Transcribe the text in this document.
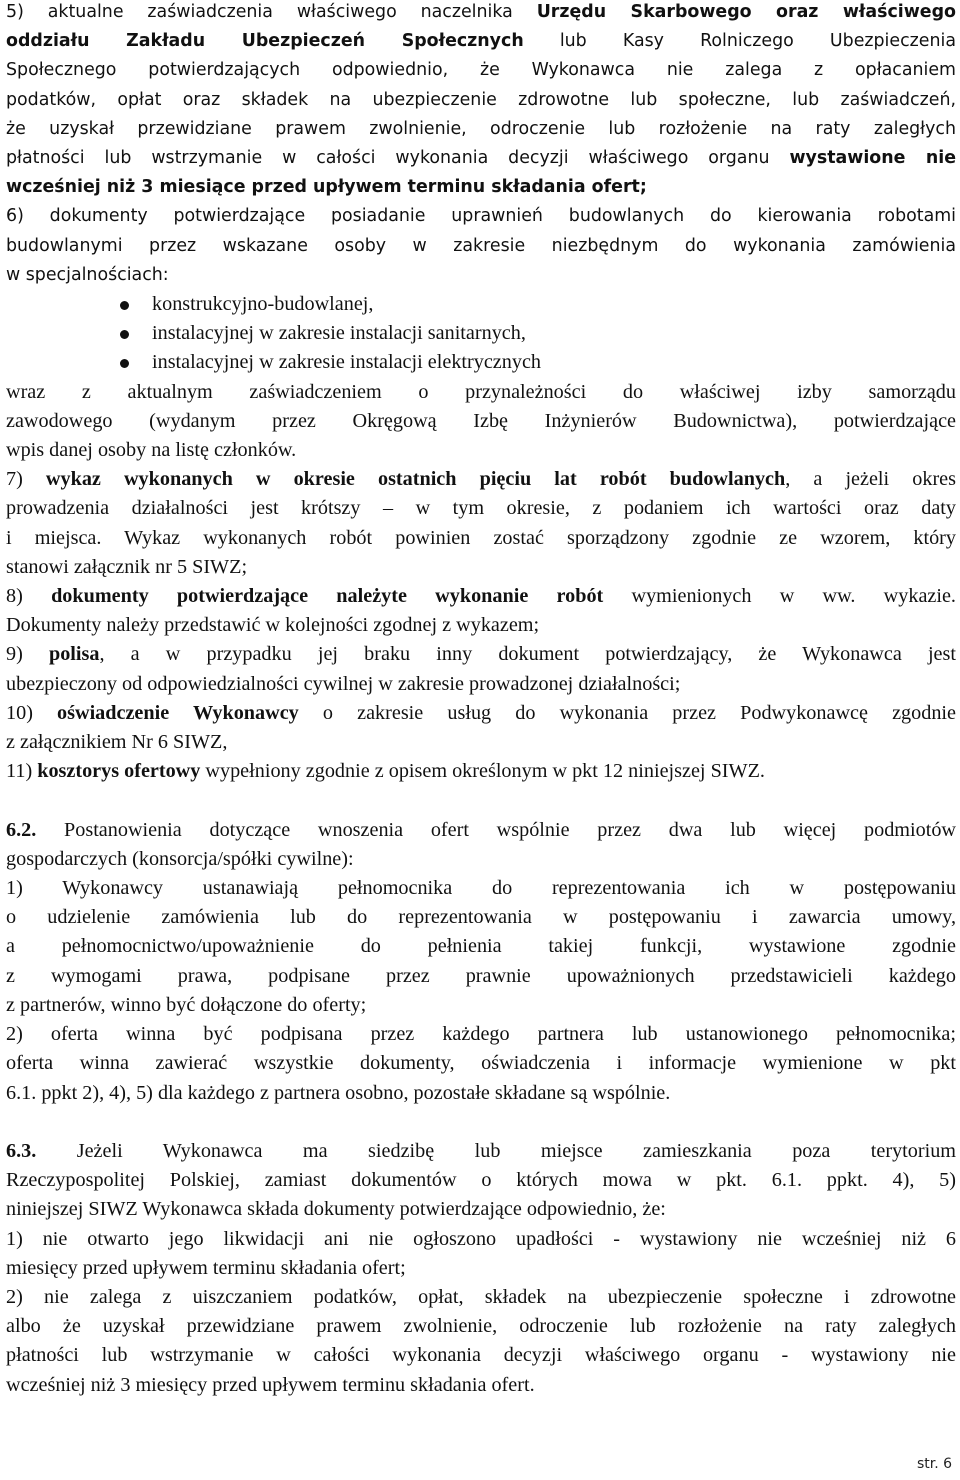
5) aktualne zaświadczenia właściwego naczelnika Urzędu Skarbowego oraz właściwego
oddziału Zakładu Ubezpieczeń Społecznych lub Kasy Rolniczego Ubezpieczenia
Społecznego potwierdzających odpowiednio, że Wykonawca nie zalega z opłacaniem
podatków, opłat oraz składek na ubezpieczenie zdrowotne lub społeczne, lub zaświadczeń,
że uzyskał przewidziane prawem zwolnienie, odroczenie lub rozłożenie na raty zaległych
płatności lub wstrzymanie w całości wykonania decyzji właściwego organu wystawione nie
wcześniej niż 3 miesiące przed upływem terminu składania ofert;

6) dokumenty potwierdzające posiadanie uprawnień budowlanych do kierowania robotami
budowlanymi przez wskazane osoby w zakresie niezbędnym do wykonania zamówienia
w specjalnościach:

konstrukcyjno-budowlanej,
instalacyjnej w zakresie instalacji sanitarnych,
instalacyjnej w zakresie instalacji elektrycznych

wraz z aktualnym zaświadczeniem o przynależności do właściwej izby samorządu
zawodowego (wydanym przez Okręgową Izbę Inżynierów Budownictwa), potwierdzające
wpis danej osoby na listę członków.

7) wykaz wykonanych w okresie ostatnich pięciu lat robót budowlanych, a jeżeli okres
prowadzenia działalności jest krótszy – w tym okresie, z podaniem ich wartości oraz daty
i miejsca. Wykaz wykonanych robót powinien zostać sporządzony zgodnie ze wzorem, który
stanowi załącznik nr 5 SIWZ;

8) dokumenty potwierdzające należyte wykonanie robót wymienionych w ww. wykazie.
Dokumenty należy przedstawić w kolejności zgodnej z wykazem;

9) polisa, a w przypadku jej braku inny dokument potwierdzający, że Wykonawca jest
ubezpieczony od odpowiedzialności cywilnej w zakresie prowadzonej działalności;

10) oświadczenie Wykonawcy o zakresie usług do wykonania przez Podwykonawcę zgodnie
z załącznikiem Nr 6 SIWZ,

11) kosztorys ofertowy wypełniony zgodnie z opisem określonym w pkt 12 niniejszej SIWZ.

6.2. Postanowienia dotyczące wnoszenia ofert wspólnie przez dwa lub więcej podmiotów
gospodarczych (konsorcja/spółki cywilne):

1) Wykonawcy ustanawiają pełnomocnika do reprezentowania ich w postępowaniu
o udzielenie zamówienia lub do reprezentowania w postępowaniu i zawarcia umowy,
a pełnomocnictwo/upoważnienie do pełnienia takiej funkcji, wystawione zgodnie
z wymogami prawa, podpisane przez prawnie upoważnionych przedstawicieli każdego
z partnerów, winno być dołączone do oferty;

2) oferta winna być podpisana przez każdego partnera lub ustanowionego pełnomocnika;
oferta winna zawierać wszystkie dokumenty, oświadczenia i informacje wymienione w pkt
6.1. ppkt 2), 4), 5) dla każdego z partnera osobno, pozostałe składane są wspólnie.

6.3. Jeżeli Wykonawca ma siedzibę lub miejsce zamieszkania poza terytorium
Rzeczypospolitej Polskiej, zamiast dokumentów o których mowa w pkt. 6.1. ppkt. 4), 5)
niniejszej SIWZ Wykonawca składa dokumenty potwierdzające odpowiednio, że:

1) nie otwarto jego likwidacji ani nie ogłoszono upadłości - wystawiony nie wcześniej niż 6
miesięcy przed upływem terminu składania ofert;

2) nie zalega z uiszczaniem podatków, opłat, składek na ubezpieczenie społeczne i zdrowotne
albo że uzyskał przewidziane prawem zwolnienie, odroczenie lub rozłożenie na raty zaległych
płatności lub wstrzymanie w całości wykonania decyzji właściwego organu - wystawiony nie
wcześniej niż 3 miesięcy przed upływem terminu składania ofert.

str. 6
